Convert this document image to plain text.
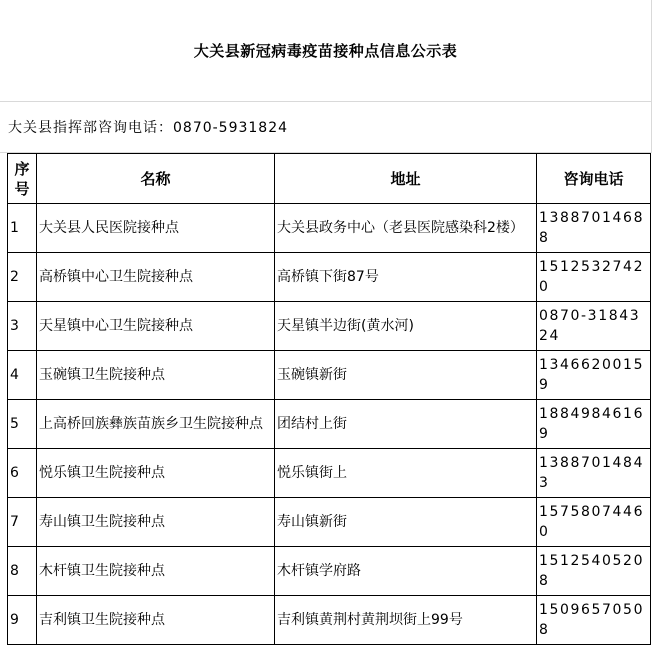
大关县新冠病毒疫苗接种点信息公示表
大关县指挥部咨询电话：0870-5931824
序号	名称	地址	咨询电话
1	大关县人民医院接种点	大关县政务中心（老县医院感染科2楼）	13887014688
2	高桥镇中心卫生院接种点	高桥镇下街87号	15125327420
3	天星镇中心卫生院接种点	天星镇半边街(黄水河)	0870-3184324
4	玉碗镇卫生院接种点	玉碗镇新街	13466200159
5	上高桥回族彝族苗族乡卫生院接种点	团结村上街	18849846169
6	悦乐镇卫生院接种点	悦乐镇街上	13887014843
7	寿山镇卫生院接种点	寿山镇新街	15758074460
8	木杆镇卫生院接种点	木杆镇学府路	15125405208
9	吉利镇卫生院接种点	吉利镇黄荆村黄荆坝街上99号	15096570508
